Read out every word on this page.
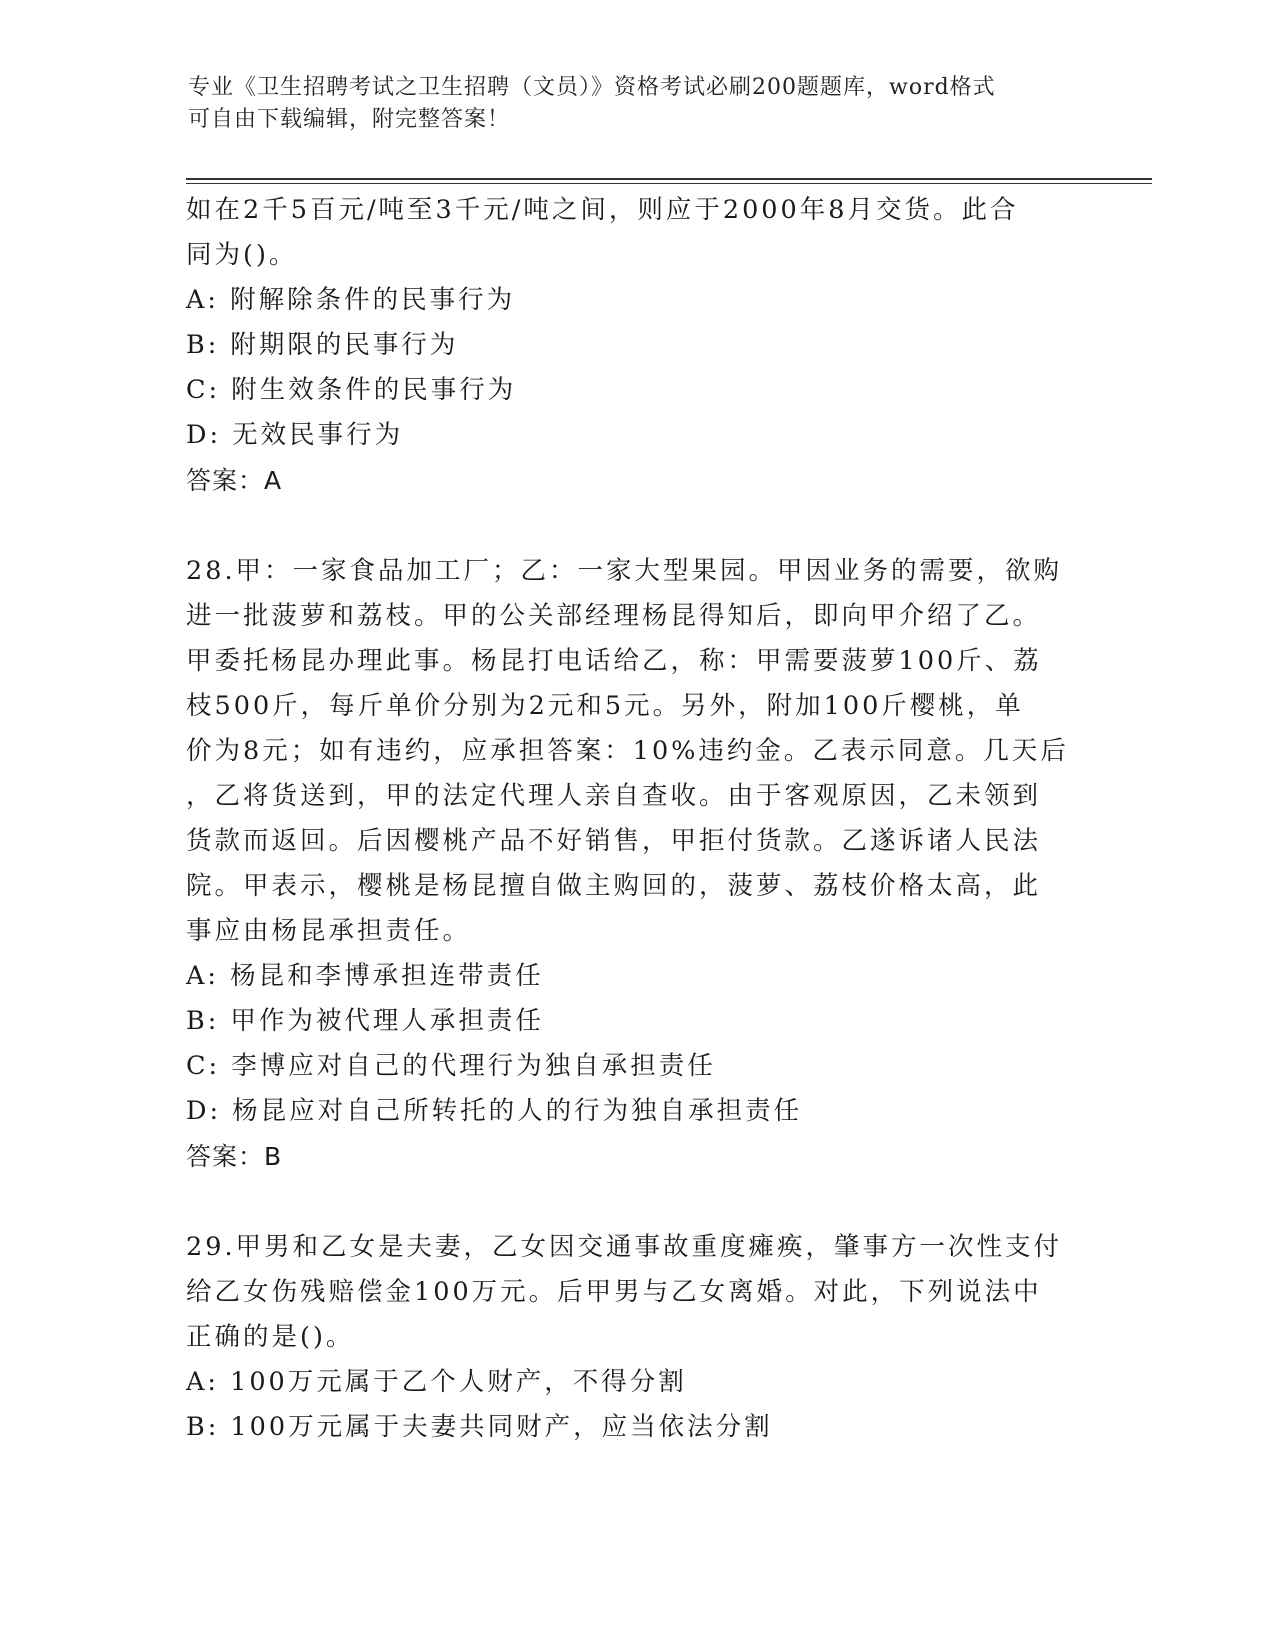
专业《卫生招聘考试之卫生招聘（文员）》资格考试必刷200题题库，word格式
可自由下载编辑，附完整答案！

如在2千5百元/吨至3千元/吨之间，则应于2000年8月交货。此合

同为()。

A: 附解除条件的民事行为

B: 附期限的民事行为

C: 附生效条件的民事行为

D: 无效民事行为

答案：A

28.甲：一家食品加工厂；乙：一家大型果园。甲因业务的需要，欲购

进一批菠萝和荔枝。甲的公关部经理杨昆得知后，即向甲介绍了乙。

甲委托杨昆办理此事。杨昆打电话给乙，称：甲需要菠萝100斤、荔

枝500斤，每斤单价分别为2元和5元。另外，附加100斤樱桃，单

价为8元；如有违约，应承担答案：10%违约金。乙表示同意。几天后

，乙将货送到，甲的法定代理人亲自查收。由于客观原因，乙未领到

货款而返回。后因樱桃产品不好销售，甲拒付货款。乙遂诉诸人民法

院。甲表示，樱桃是杨昆擅自做主购回的，菠萝、荔枝价格太高，此

事应由杨昆承担责任。

A: 杨昆和李博承担连带责任

B: 甲作为被代理人承担责任

C: 李博应对自己的代理行为独自承担责任

D: 杨昆应对自己所转托的人的行为独自承担责任

答案：B

29.甲男和乙女是夫妻，乙女因交通事故重度瘫痪，肇事方一次性支付

给乙女伤残赔偿金100万元。后甲男与乙女离婚。对此，下列说法中

正确的是()。

A: 100万元属于乙个人财产，不得分割

B: 100万元属于夫妻共同财产，应当依法分割
